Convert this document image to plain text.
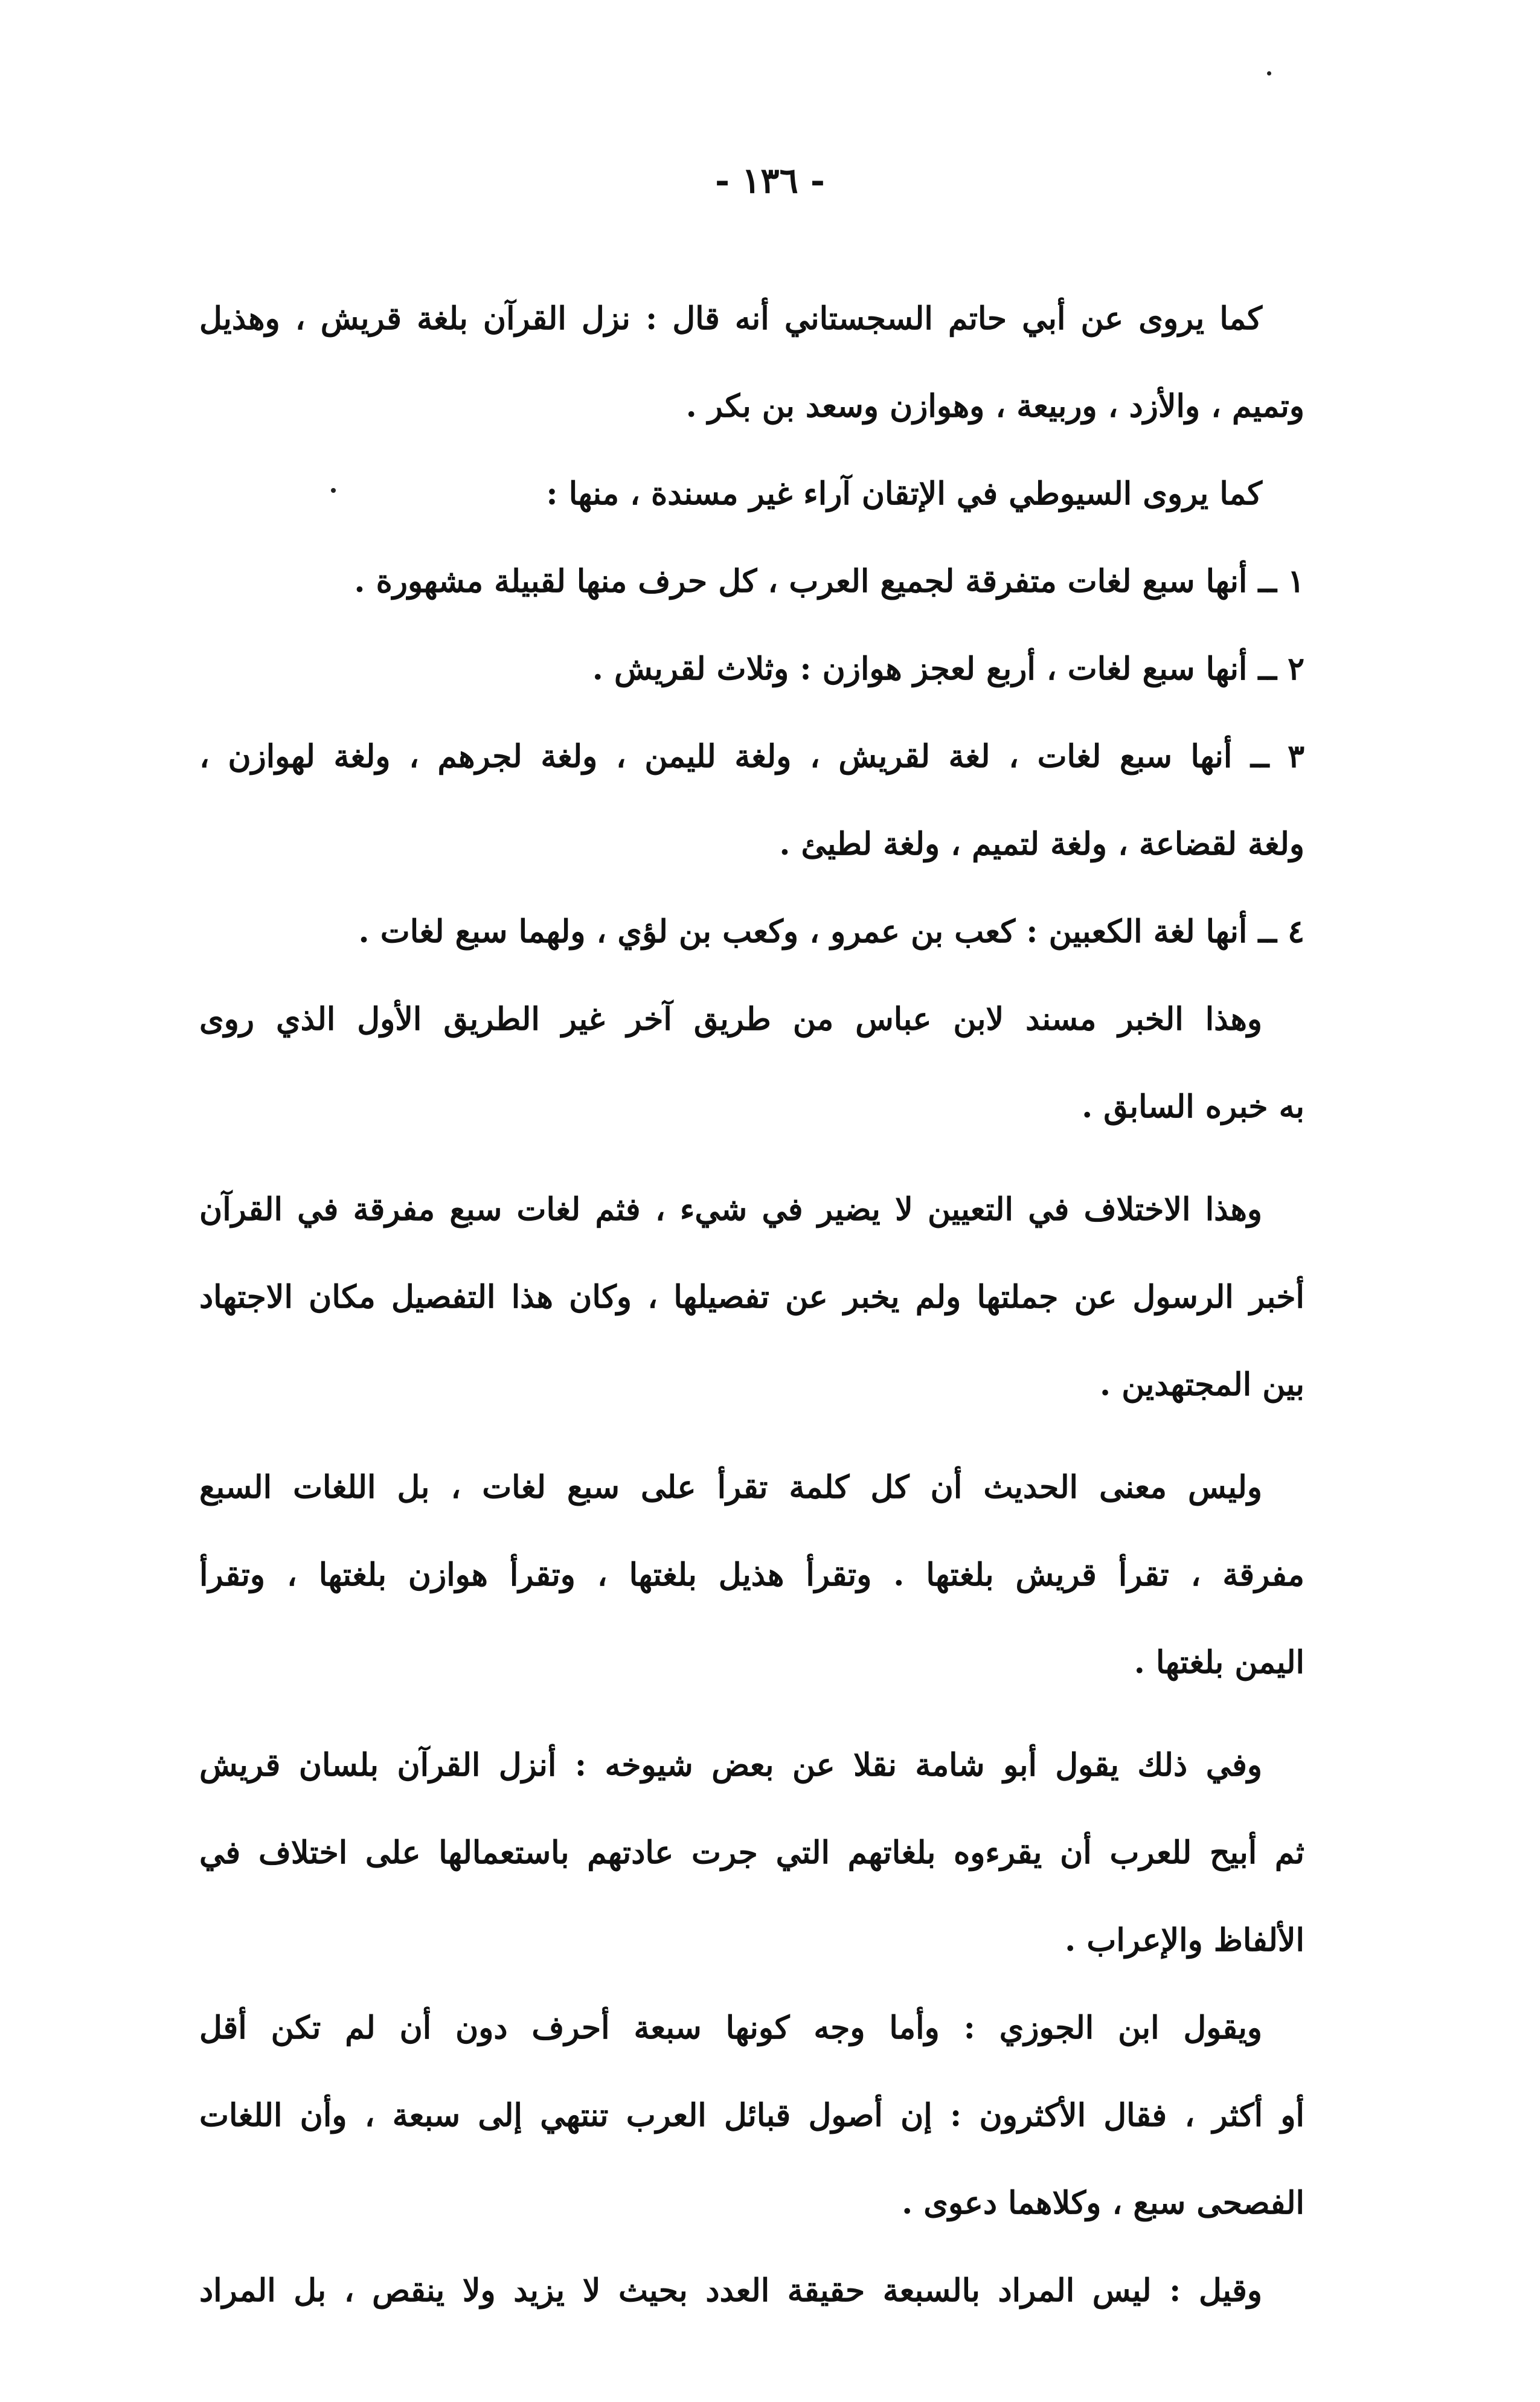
- ١٣٦ -
كما يروى عن أبي حاتم السجستاني أنه قال : نزل القرآن بلغة قريش ، وهذيل
وتميم ، والأزد ، وربيعة ، وهوازن وسعد بن بكر .
كما يروى السيوطي في الإتقان آراء غير مسندة ، منها :
١ ــ أنها سبع لغات متفرقة لجميع العرب ، كل حرف منها لقبيلة مشهورة .
٢ ــ أنها سبع لغات ، أربع لعجز هوازن : وثلاث لقريش .
٣ ــ أنها سبع لغات ، لغة لقريش ، ولغة لليمن ، ولغة لجرهم ، ولغة لهوازن ،
ولغة لقضاعة ، ولغة لتميم ، ولغة لطيئ .
٤ ــ أنها لغة الكعبين : كعب بن عمرو ، وكعب بن لؤي ، ولهما سبع لغات .
وهذا الخبر مسند لابن عباس من طريق آخر غير الطريق الأول الذي روى
به خبره السابق .
وهذا الاختلاف في التعيين لا يضير في شيء ، فثم لغات سبع مفرقة في القرآن
أخبر الرسول عن جملتها ولم يخبر عن تفصيلها ، وكان هذا التفصيل مكان الاجتهاد
بين المجتهدين .
وليس معنى الحديث أن كل كلمة تقرأ على سبع لغات ، بل اللغات السبع
مفرقة ، تقرأ قريش بلغتها . وتقرأ هذيل بلغتها ، وتقرأ هوازن بلغتها ، وتقرأ
اليمن بلغتها .
وفي ذلك يقول أبو شامة نقلا عن بعض شيوخه : أنزل القرآن بلسان قريش
ثم أبيح للعرب أن يقرءوه بلغاتهم التي جرت عادتهم باستعمالها على اختلاف في
الألفاظ والإعراب .
ويقول ابن الجوزي : وأما وجه كونها سبعة أحرف دون أن لم تكن أقل
أو أكثر ، فقال الأكثرون : إن أصول قبائل العرب تنتهي إلى سبعة ، وأن اللغات
الفصحى سبع ، وكلاهما دعوى .
وقيل : ليس المراد بالسبعة حقيقة العدد بحيث لا يزيد ولا ينقص ، بل المراد
